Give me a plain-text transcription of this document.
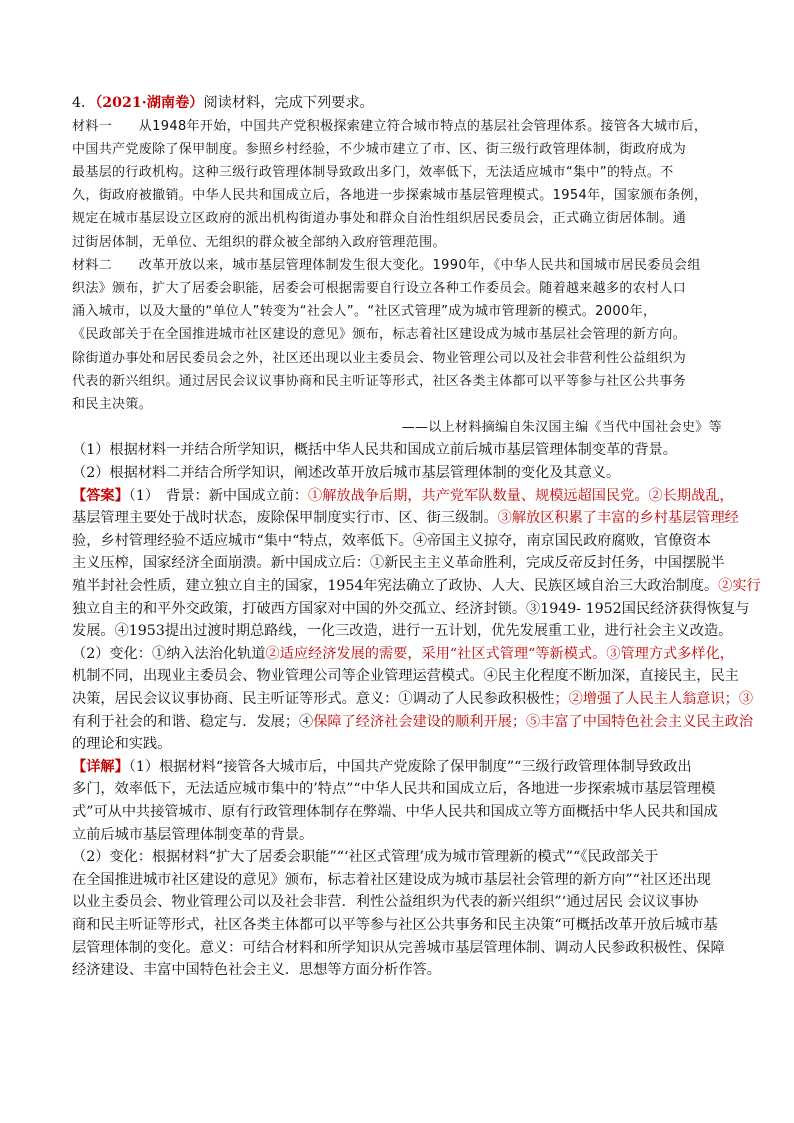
4．（2021·湖南卷）阅读材料，完成下列要求。
材料一　　从1948年开始，中国共产党积极探索建立符合城市特点的基层社会管理体系。接管各大城市后，
中国共产党废除了保甲制度。参照乡村经验，不少城市建立了市、区、街三级行政管理体制，街政府成为
最基层的行政机构。这种三级行政管理体制导致政出多门，效率低下，无法适应城市“集中”的特点。不
久，街政府被撤销。中华人民共和国成立后，各地进一步探索城市基层管理模式。1954年，国家颁布条例，
规定在城市基层设立区政府的派出机构街道办事处和群众自治性组织居民委员会，正式确立街居体制。通
过街居体制，无单位、无组织的群众被全部纳入政府管理范围。
材料二　　改革开放以来，城市基层管理体制发生很大变化。1990年，《中华人民共和国城市居民委员会组
织法》颁布，扩大了居委会职能，居委会可根据需要自行设立各种工作委员会。随着越来越多的农村人口
涌入城市，以及大量的“单位人”转变为“社会人”。“社区式管理”成为城市管理新的模式。2000年，
《民政部关于在全国推进城市社区建设的意见》颁布，标志着社区建设成为城市基层社会管理的新方向。
除街道办事处和居民委员会之外，社区还出现以业主委员会、物业管理公司以及社会非营利性公益组织为
代表的新兴组织。通过居民会议议事协商和民主听证等形式，社区各类主体都可以平等参与社区公共事务
和民主决策。
——以上材料摘编自朱汉国主编《当代中国社会史》等
（1）根据材料一并结合所学知识，概括中华人民共和国成立前后城市基层管理体制变革的背景。
（2）根据材料二并结合所学知识，阐述改革开放后城市基层管理体制的变化及其意义。
【答案】（1）　背景：新中国成立前：①解放战争后期，共产党军队数量、规模远超国民党。②长期战乱，
基层管理主要处于战时状态，废除保甲制度实行市、区、街三级制。③解放区积累了丰富的乡村基层管理经
验，乡村管理经验不适应城市“集中“特点，效率低下。④帝国主义掠夺，南京国民政府腐败，官僚资本
主义压榨，国家经济全面崩溃。新中国成立后：①新民主主义革命胜利，完成反帝反封任务，中国摆脱半
殖半封社会性质，建立独立自主的国家，1954年宪法确立了政协、人大、民族区域自治三大政治制度。②实行
独立自主的和平外交政策，打破西方国家对中国的外交孤立、经济封锁。③1949- 1952国民经济获得恢复与
发展。④1953提出过渡时期总路线，一化三改造，进行一五计划，优先发展重工业，进行社会主义改造。
（2）变化：①纳入法治化轨道②适应经济发展的需要，采用“社区式管理“等新模式。③管理方式多样化，
机制不同，出现业主委员会、物业管理公司等企业管理运营模式。④民主化程度不断加深，直接民主，民主
决策，居民会议议事协商、民主听证等形式。意义：①调动了人民参政积极性；②增强了人民主人翁意识；③
有利于社会的和谐、稳定与．发展；④保障了经济社会建设的顺利开展；⑤丰富了中国特色社会主义民主政治
的理论和实践。
【详解】（1）根据材料“接管各大城市后，中国共产党废除了保甲制度”“三级行政管理体制导致政出
多门，效率低下，无法适应城市集中的’特点”“中华人民共和国成立后，各地进一步探索城市基层管理模
式”可从中共接管城市、原有行政管理体制存在弊端、中华人民共和国成立等方面概括中华人民共和国成
立前后城市基层管理体制变革的背景。
（2）变化：根据材料“扩大了居委会职能”“‘社区式管理’成为城市管理新的模式”“《民政部关于
在全国推进城市社区建设的意见》颁布，标志着社区建设成为城市基层社会管理的新方向”“社区还出现
以业主委员会、物业管理公司以及社会非营．利性公益组织为代表的新兴组织”‘通过居民 会议议事协
商和民主听证等形式，社区各类主体都可以平等参与社区公共事务和民主决策“可概括改革开放后城市基
层管理体制的变化。意义：可结合材料和所学知识从完善城市基层管理体制、调动人民参政积极性、保障
经济建设、丰富中国特色社会主义．思想等方面分析作答。
